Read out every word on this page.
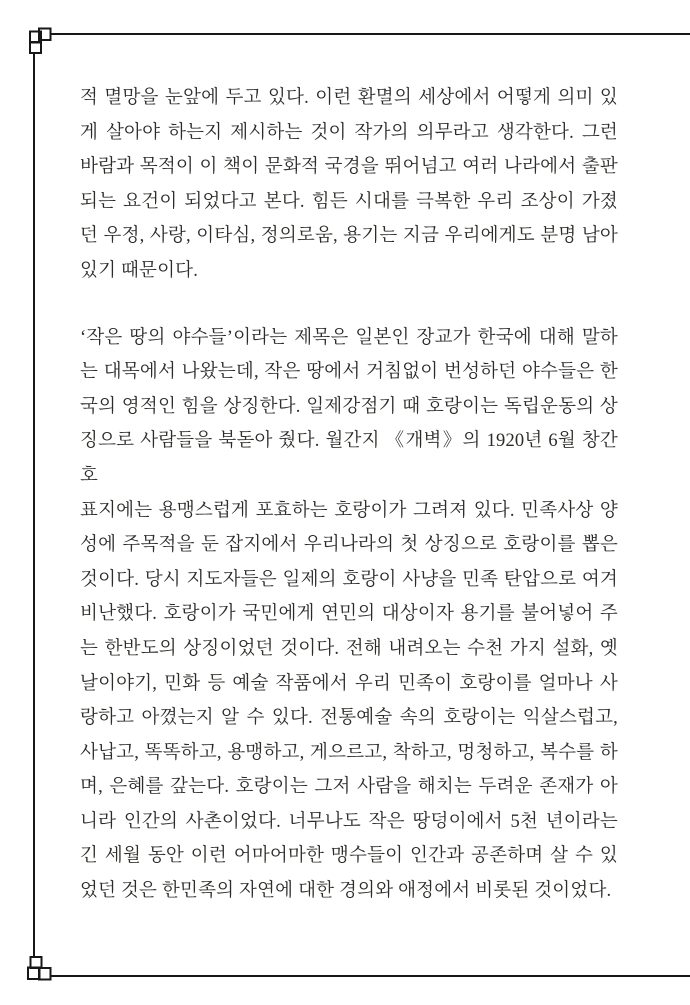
적 멸망을 눈앞에 두고 있다. 이런 환멸의 세상에서 어떻게 의미 있

게 살아야 하는지 제시하는 것이 작가의 의무라고 생각한다. 그런

바람과 목적이 이 책이 문화적 국경을 뛰어넘고 여러 나라에서 출판

되는 요건이 되었다고 본다. 힘든 시대를 극복한 우리 조상이 가졌

던 우정, 사랑, 이타심, 정의로움, 용기는 지금 우리에게도 분명 남아

있기 때문이다.

‘작은 땅의 야수들’이라는 제목은 일본인 장교가 한국에 대해 말하

는 대목에서 나왔는데, 작은 땅에서 거침없이 번성하던 야수들은 한

국의 영적인 힘을 상징한다. 일제강점기 때 호랑이는 독립운동의 상

징으로 사람들을 북돋아 줬다. 월간지 《개벽》의 1920년 6월 창간호

표지에는 용맹스럽게 포효하는 호랑이가 그려져 있다. 민족사상 양

성에 주목적을 둔 잡지에서 우리나라의 첫 상징으로 호랑이를 뽑은

것이다. 당시 지도자들은 일제의 호랑이 사냥을 민족 탄압으로 여겨

비난했다. 호랑이가 국민에게 연민의 대상이자 용기를 불어넣어 주

는 한반도의 상징이었던 것이다. 전해 내려오는 수천 가지 설화, 옛

날이야기, 민화 등 예술 작품에서 우리 민족이 호랑이를 얼마나 사

랑하고 아꼈는지 알 수 있다. 전통예술 속의 호랑이는 익살스럽고,

사납고, 똑똑하고, 용맹하고, 게으르고, 착하고, 멍청하고, 복수를 하

며, 은혜를 갚는다. 호랑이는 그저 사람을 해치는 두려운 존재가 아

니라 인간의 사촌이었다. 너무나도 작은 땅덩이에서 5천 년이라는

긴 세월 동안 이런 어마어마한 맹수들이 인간과 공존하며 살 수 있

었던 것은 한민족의 자연에 대한 경의와 애정에서 비롯된 것이었다.
